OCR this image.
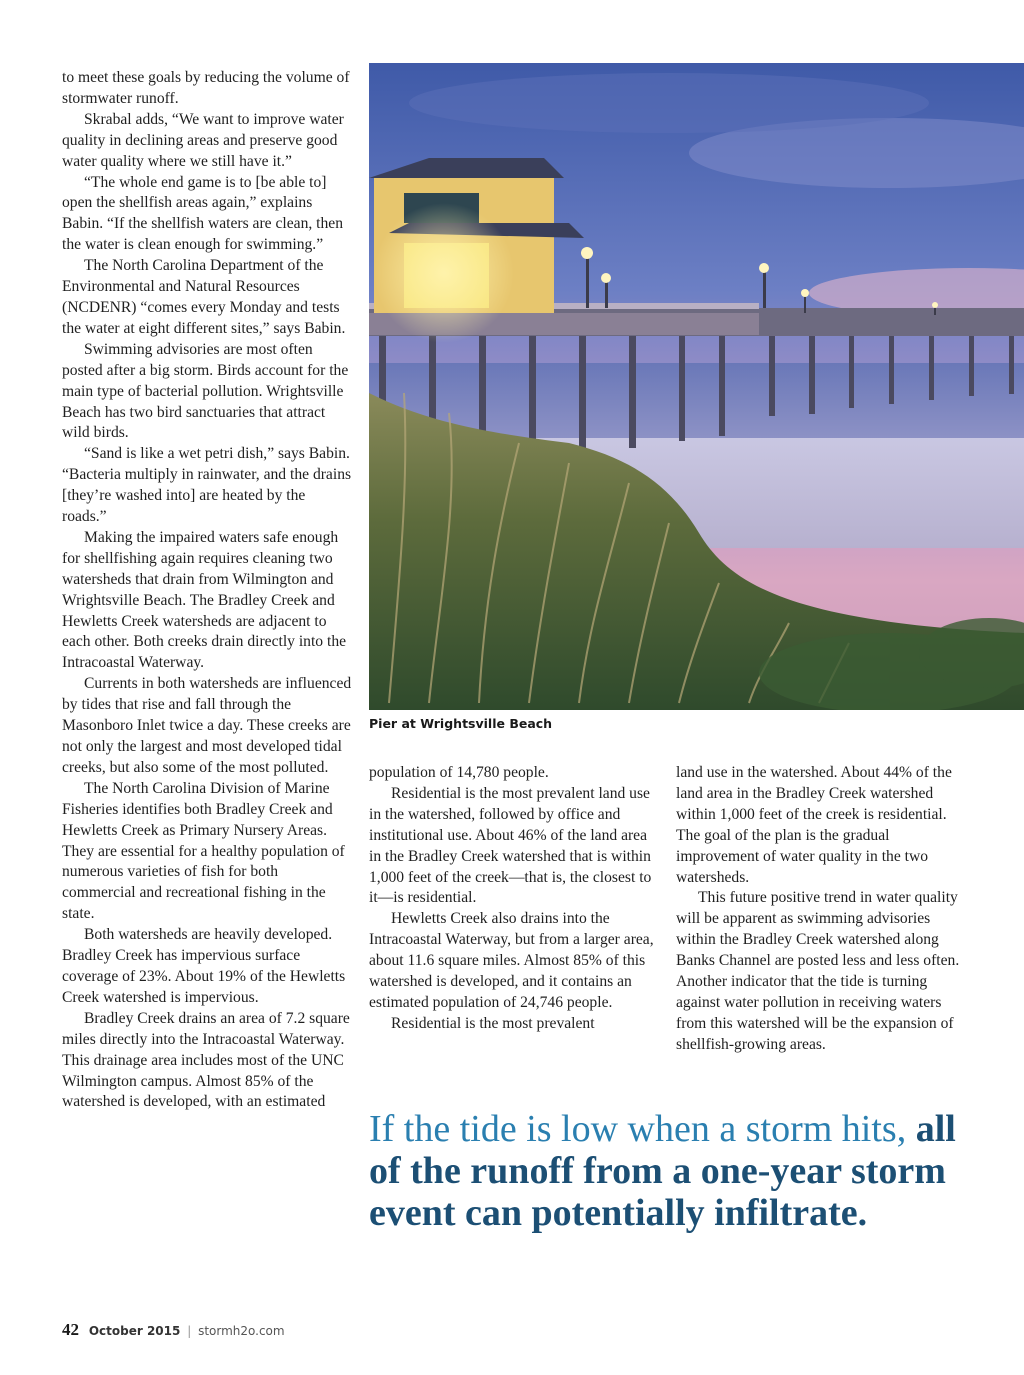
to meet these goals by reducing the volume of stormwater runoff.

Skrabal adds, “We want to improve water quality in declining areas and preserve good water quality where we still have it.”

“The whole end game is to [be able to] open the shellfish areas again,” explains Babin. “If the shellfish waters are clean, then the water is clean enough for swimming.”

The North Carolina Department of the Environmental and Natural Resources (NCDENR) “comes every Monday and tests the water at eight different sites,” says Babin.

Swimming advisories are most often posted after a big storm. Birds account for the main type of bacterial pollution. Wrightsville Beach has two bird sanctuaries that attract wild birds.

“Sand is like a wet petri dish,” says Babin. “Bacteria multiply in rainwater, and the drains [they’re washed into] are heated by the roads.”

Making the impaired waters safe enough for shellfishing again requires cleaning two watersheds that drain from Wilmington and Wrightsville Beach. The Bradley Creek and Hewletts Creek watersheds are adjacent to each other. Both creeks drain directly into the Intracoastal Waterway.

Currents in both watersheds are influenced by tides that rise and fall through the Masonboro Inlet twice a day. These creeks are not only the largest and most developed tidal creeks, but also some of the most polluted.

The North Carolina Division of Marine Fisheries identifies both Bradley Creek and Hewletts Creek as Primary Nursery Areas. They are essential for a healthy population of numerous varieties of fish for both commercial and recreational fishing in the state.

Both watersheds are heavily developed. Bradley Creek has impervious surface coverage of 23%. About 19% of the Hewletts Creek watershed is impervious.

Bradley Creek drains an area of 7.2 square miles directly into the Intracoastal Waterway. This drainage area includes most of the UNC Wilmington campus. Almost 85% of the watershed is developed, with an estimated

population of 14,780 people.

Residential is the most prevalent land use in the watershed, followed by office and institutional use. About 46% of the land area in the Bradley Creek watershed that is within 1,000 feet of the creek—that is, the closest to it—is residential.

Hewletts Creek also drains into the Intracoastal Waterway, but from a larger area, about 11.6 square miles. Almost 85% of this watershed is developed, and it contains an estimated population of 24,746 people.

Residential is the most prevalent

land use in the watershed. About 44% of the land area in the Bradley Creek watershed within 1,000 feet of the creek is residential. The goal of the plan is the gradual improvement of water quality in the two watersheds.

This future positive trend in water quality will be apparent as swimming advisories within the Bradley Creek watershed along Banks Channel are posted less and less often. Another indicator that the tide is turning against water pollution in receiving waters from this watershed will be the expansion of shellfish-growing areas.

Pier at Wrightsville Beach
If the tide is low when a storm hits, all of the runoff from a one-year storm event can potentially infiltrate.
42 October 2015 | stormh2o.com
